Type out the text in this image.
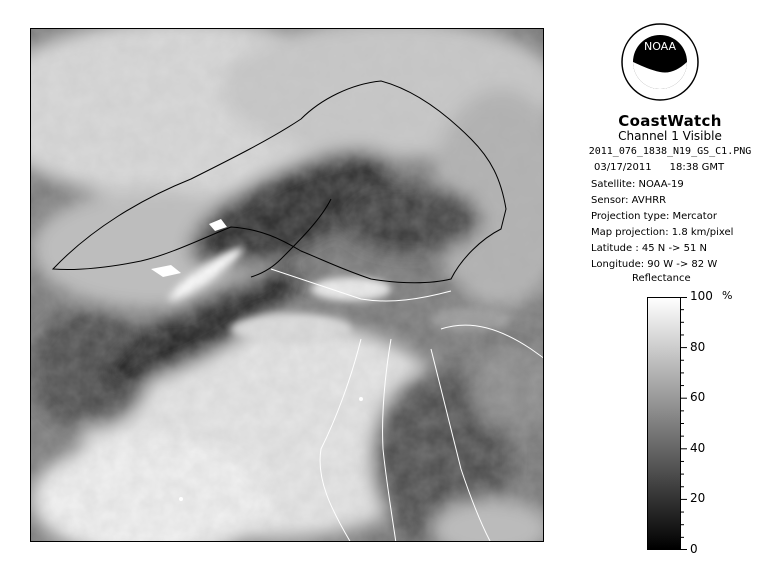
NOAA
CoastWatch
Channel 1 Visible
2011_076_1838_N19_GS_C1.PNG
03/17/2011 18:38 GMT
Satellite: NOAA-19
Sensor: AVHRR
Projection type: Mercator
Map projection: 1.8 km/pixel
Latitude : 45 N -> 51 N
Longitude: 90 W -> 82 W
Reflectance
%
100
80
60
40
20
0
